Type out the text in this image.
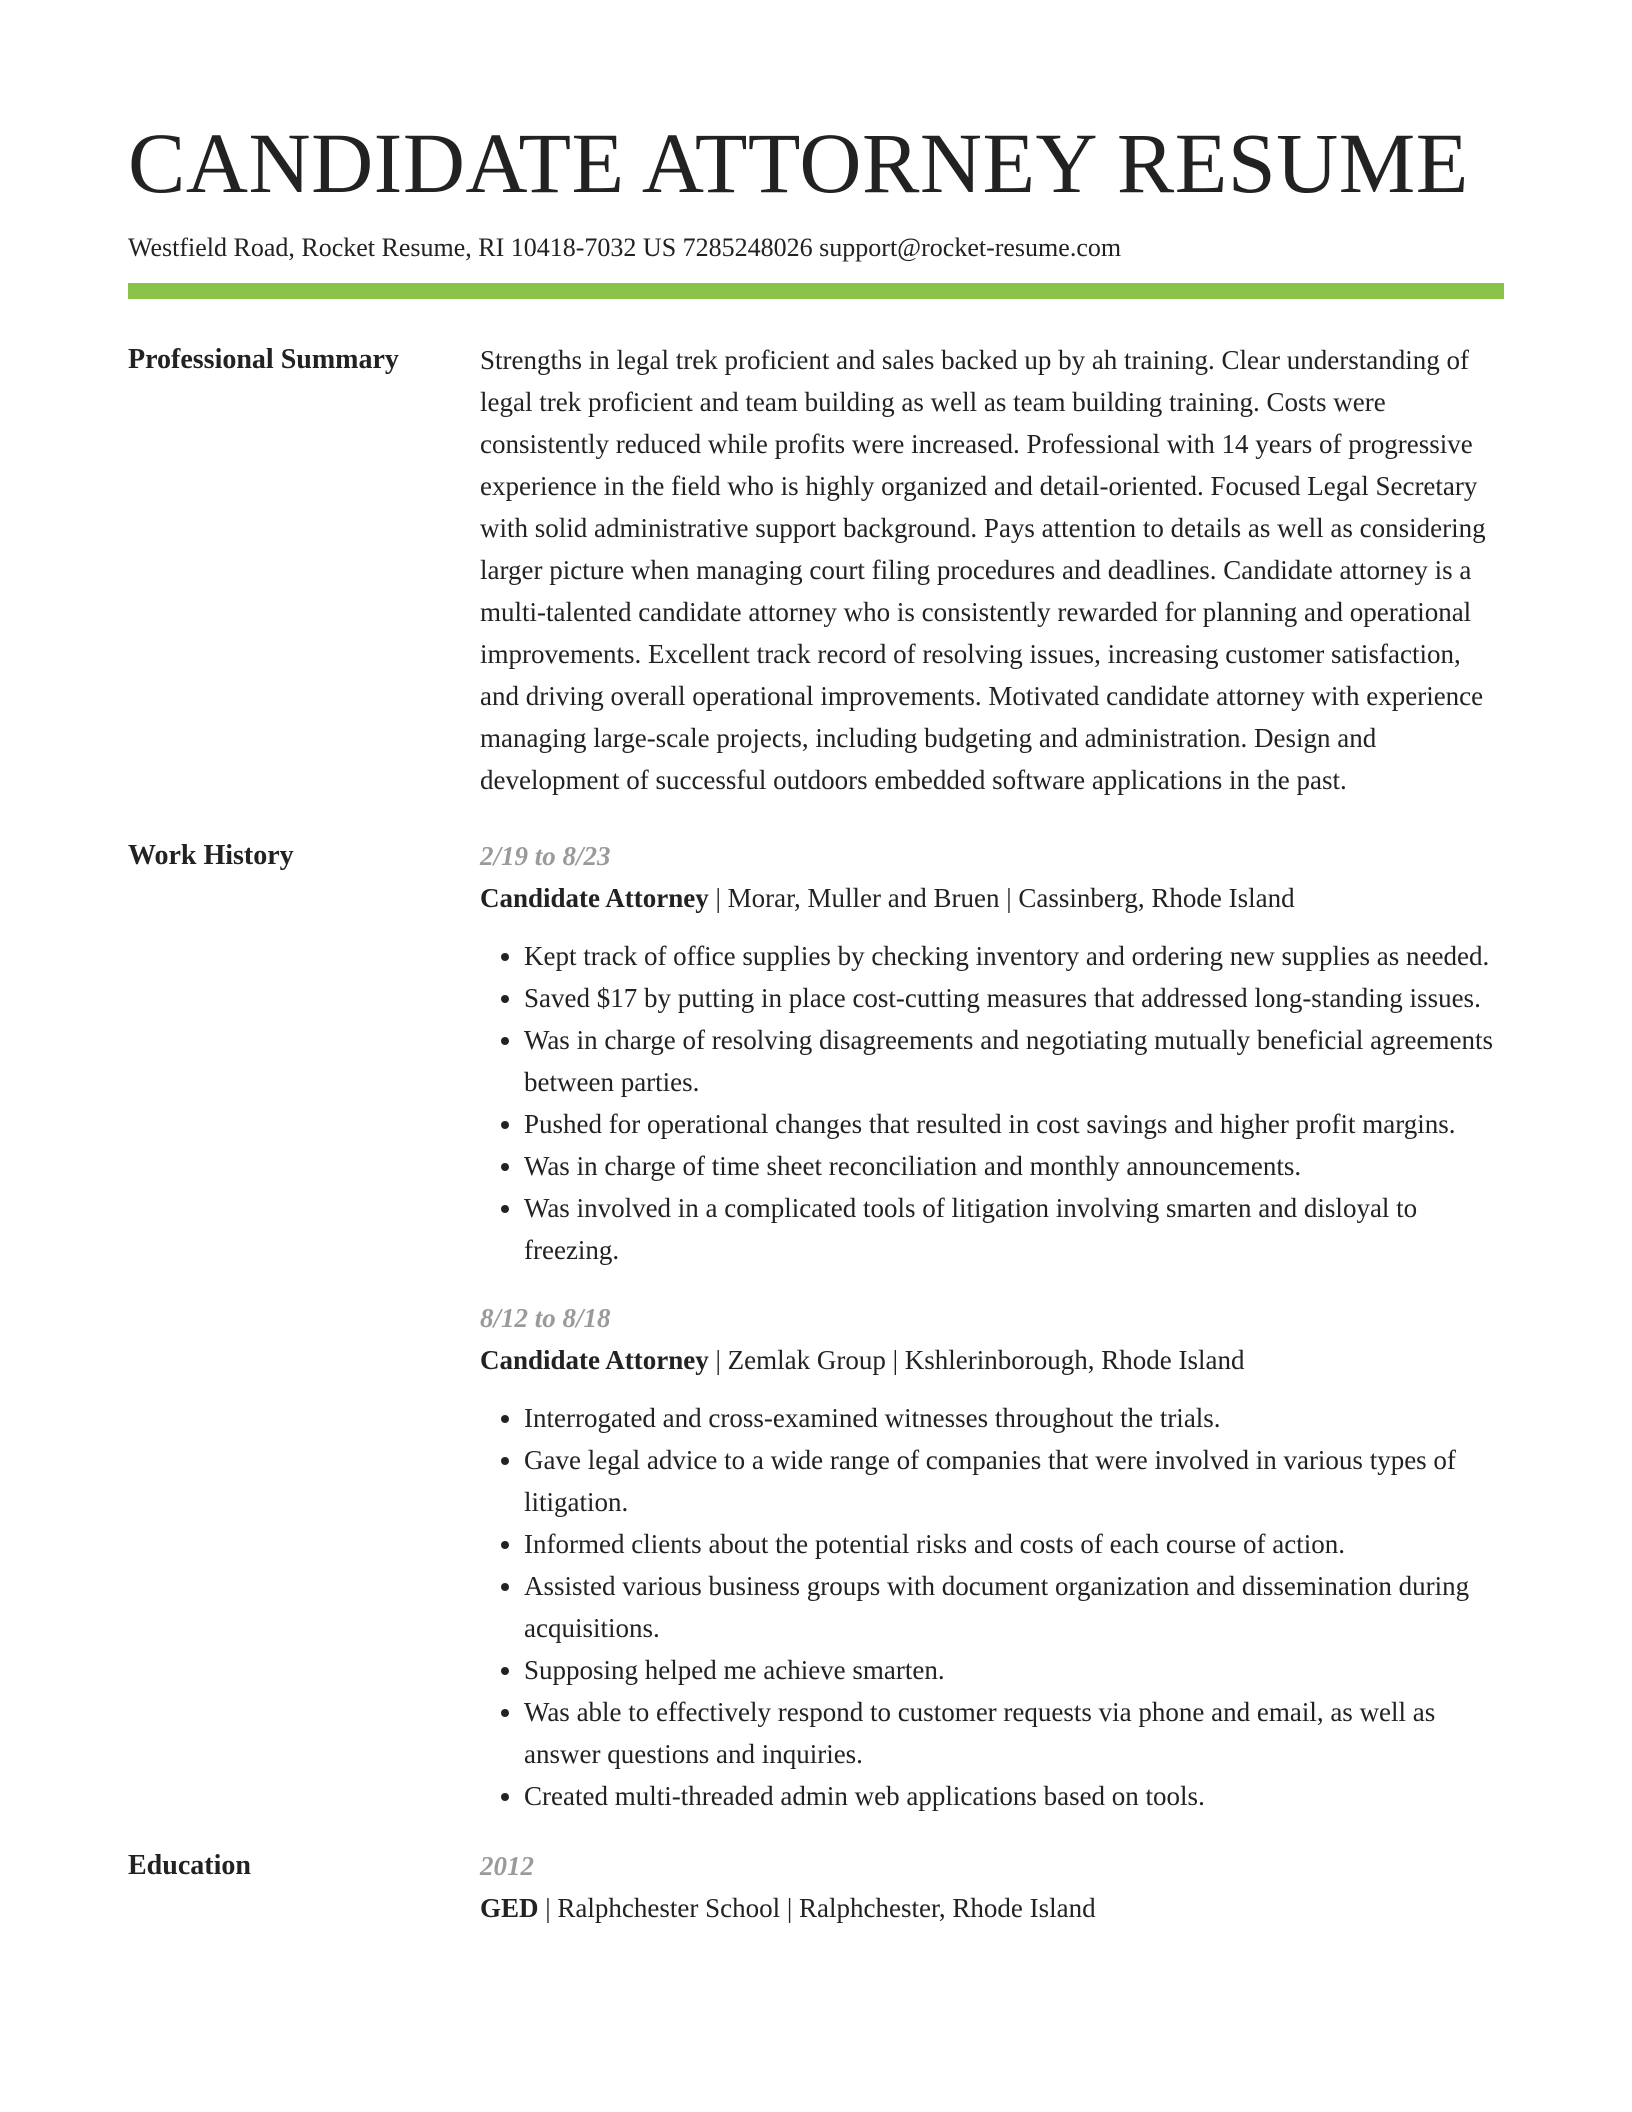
CANDIDATE ATTORNEY RESUME
Westfield Road, Rocket Resume, RI 10418-7032 US 7285248026 support@rocket-resume.com
Professional Summary	Strengths in legal trek proficient and sales backed up by ah training. Clear understanding of legal trek proficient and team building as well as team building training. Costs were consistently reduced while profits were increased. Professional with 14 years of progressive experience in the field who is highly organized and detail-oriented. Focused Legal Secretary with solid administrative support background. Pays attention to details as well as considering larger picture when managing court filing procedures and deadlines. Candidate attorney is a multi-talented candidate attorney who is consistently rewarded for planning and operational improvements. Excellent track record of resolving issues, increasing customer satisfaction, and driving overall operational improvements. Motivated candidate attorney with experience managing large-scale projects, including budgeting and administration. Design and development of successful outdoors embedded software applications in the past.

Work History	2/19 to 8/23
Candidate Attorney | Morar, Muller and Bruen | Cassinberg, Rhode Island
• Kept track of office supplies by checking inventory and ordering new supplies as needed.
• Saved $17 by putting in place cost-cutting measures that addressed long-standing issues.
• Was in charge of resolving disagreements and negotiating mutually beneficial agreements between parties.
• Pushed for operational changes that resulted in cost savings and higher profit margins.
• Was in charge of time sheet reconciliation and monthly announcements.
• Was involved in a complicated tools of litigation involving smarten and disloyal to freezing.
8/12 to 8/18
Candidate Attorney | Zemlak Group | Kshlerinborough, Rhode Island
• Interrogated and cross-examined witnesses throughout the trials.
• Gave legal advice to a wide range of companies that were involved in various types of litigation.
• Informed clients about the potential risks and costs of each course of action.
• Assisted various business groups with document organization and dissemination during acquisitions.
• Supposing helped me achieve smarten.
• Was able to effectively respond to customer requests via phone and email, as well as answer questions and inquiries.
• Created multi-threaded admin web applications based on tools.
Education	2012
GED | Ralphchester School | Ralphchester, Rhode Island
